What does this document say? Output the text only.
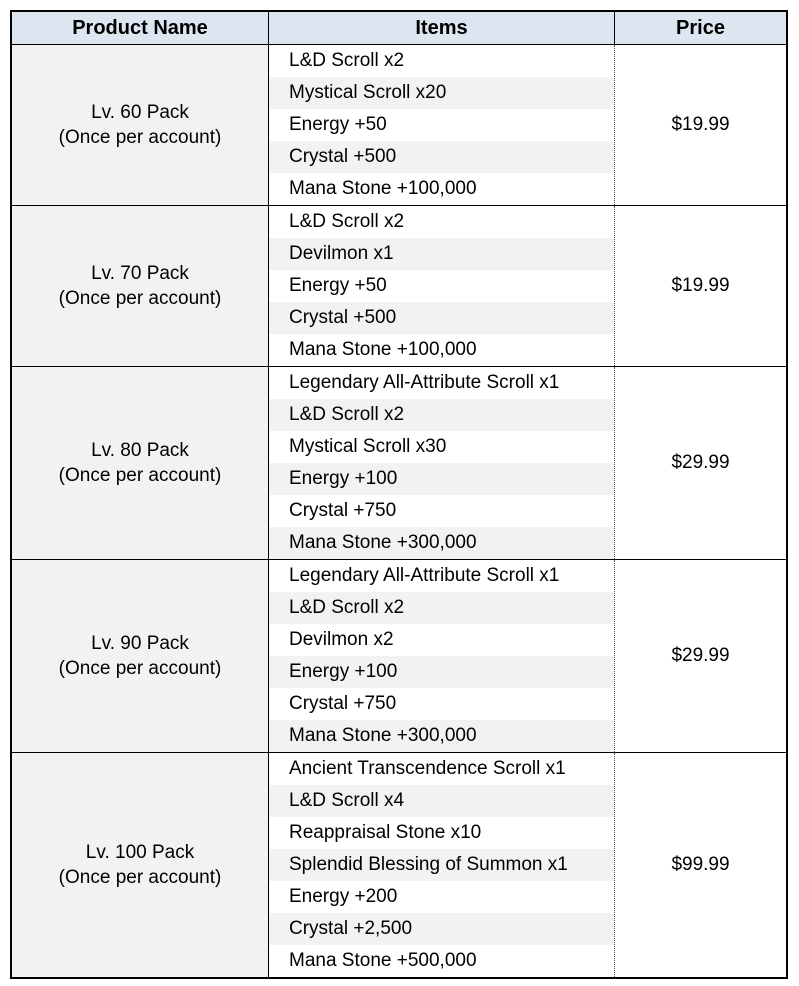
Product Name	Items	Price
Lv. 60 Pack
(Once per account)
L&D Scroll x2
Mystical Scroll x20
Energy +50
Crystal +500
Mana Stone +100,000
$19.99
Lv. 70 Pack
(Once per account)
L&D Scroll x2
Devilmon x1
Energy +50
Crystal +500
Mana Stone +100,000
$19.99
Lv. 80 Pack
(Once per account)
Legendary All-Attribute Scroll x1
L&D Scroll x2
Mystical Scroll x30
Energy +100
Crystal +750
Mana Stone +300,000
$29.99
Lv. 90 Pack
(Once per account)
Legendary All-Attribute Scroll x1
L&D Scroll x2
Devilmon x2
Energy +100
Crystal +750
Mana Stone +300,000
$29.99
Lv. 100 Pack
(Once per account)
Ancient Transcendence Scroll x1
L&D Scroll x4
Reappraisal Stone x10
Splendid Blessing of Summon x1
Energy +200
Crystal +2,500
Mana Stone +500,000
$99.99
